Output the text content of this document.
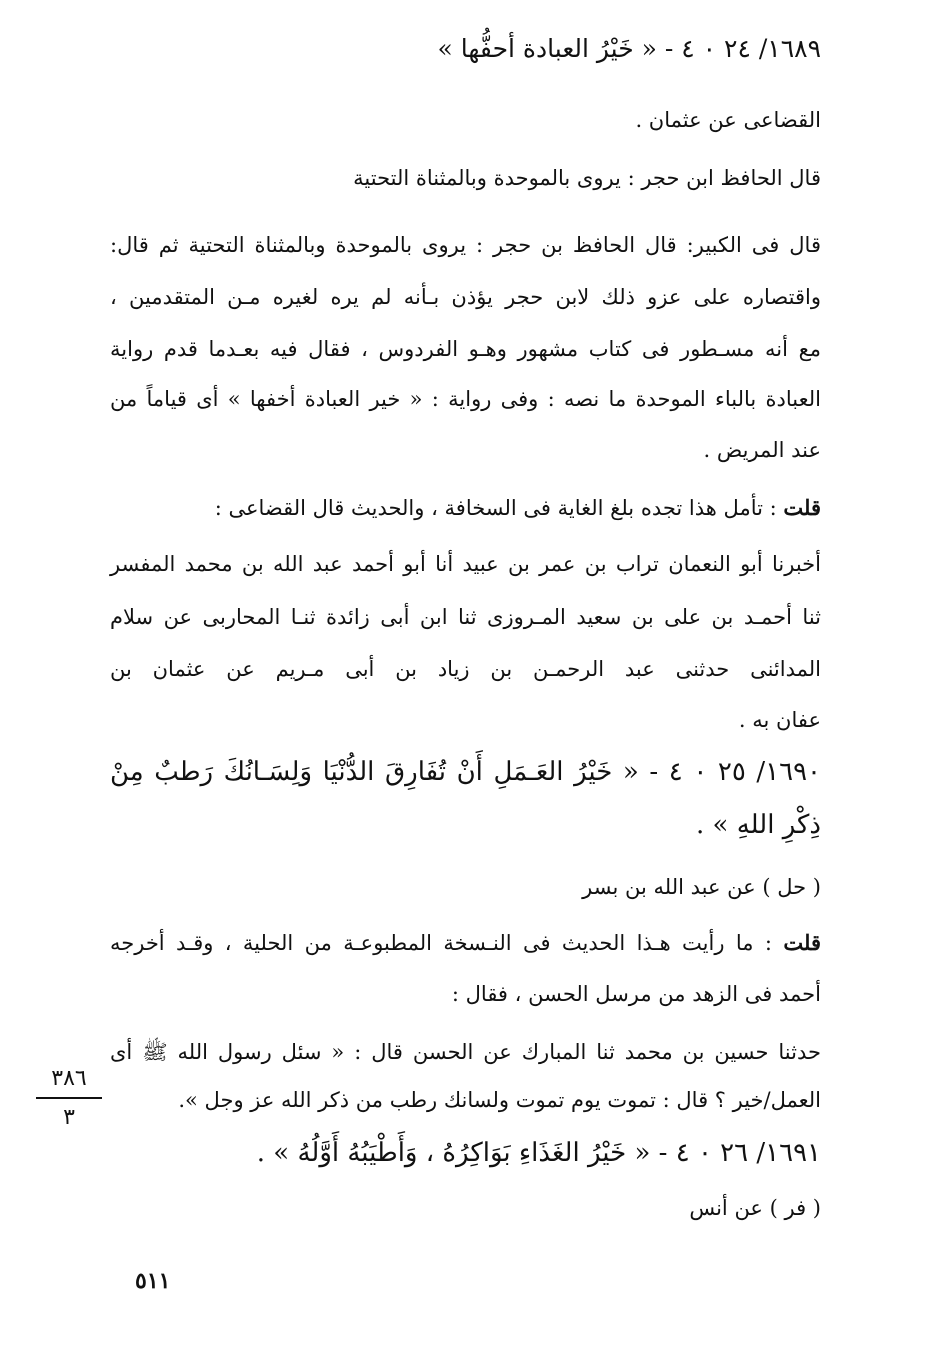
١٦٨٩/ ٢٤ ٠ ٤ - « خَيْرُ العبادة أحفُّها »
القضاعى عن عثمان .
قال الحافظ ابن حجر : يروى بالموحدة وبالمثناة التحتية
قال فى الكبير: قال الحافظ بن حجر : يروى بالموحدة وبالمثناة التحتية ثم قال:
واقتصاره على عزو ذلك لابن حجر يؤذن بـأنه لم يره لغيره مـن المتقدمين ،
مع أنه مسـطور فى كتاب مشهور وهـو الفردوس ، فقال فيه بعـدما قدم رواية
العبادة بالباء الموحدة ما نصه : وفى رواية : « خير العبادة أخفها » أى قياماً من
عند المريض .
قلت : تأمل هذا تجده بلغ الغاية فى السخافة ، والحديث قال القضاعى :
أخبرنا أبو النعمان تراب بن عمر بن عبيد أنا أبو أحمد عبد الله بن محمد المفسر
ثنا أحمـد بن على بن سعيد المـروزى ثنا ابن أبى زائدة ثنـا المحاربى عن سلام
المدائنى حدثنى عبد الرحمـن بن زياد بن أبى مـريم عن عثمان بن
عفان به .
١٦٩٠/ ٢٥ ٠ ٤ - « خَيْرُ العَـمَلِ أَنْ تُفَارِقَ الدُّنْيَا وَلِسَـانُكَ رَطبٌ مِنْ
ذِكْرِ اللهِ » .
( حل ) عن عبد الله بن بسر
قلت : ما رأيت هـذا الحديث فى النـسخة المطبوعـة من الحلية ، وقـد أخرجه
أحمد فى الزهد من مرسل الحسن ، فقال :
حدثنا حسين بن محمد ثنا المبارك عن الحسن قال : « سئل رسول الله ﷺ أى
العمل/خير ؟ قال : تموت يوم تموت ولسانك رطب من ذكر الله عز وجل ».
١٦٩١/ ٢٦ ٠ ٤ - « خَيْرُ الغَذَاءِ بَوَاكِرُهُ ، وَأَطْيَبُهُ أَوَّلُهُ » .
( فر ) عن أنس
٣٨٦
٣
٥١١
